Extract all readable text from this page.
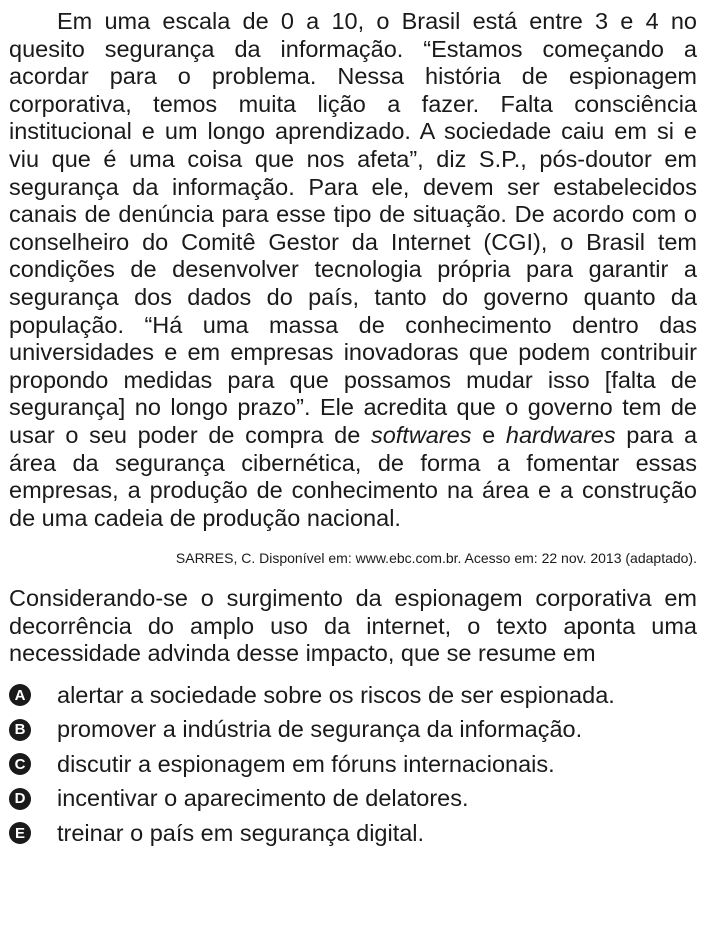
Em uma escala de 0 a 10, o Brasil está entre 3 e 4 no quesito segurança da informação. “Estamos começando a acordar para o problema. Nessa história de espionagem corporativa, temos muita lição a fazer. Falta consciência institucional e um longo aprendizado. A sociedade caiu em si e viu que é uma coisa que nos afeta”, diz S.P., pós-doutor em segurança da informação. Para ele, devem ser estabelecidos canais de denúncia para esse tipo de situação. De acordo com o conselheiro do Comitê Gestor da Internet (CGI), o Brasil tem condições de desenvolver tecnologia própria para garantir a segurança dos dados do país, tanto do governo quanto da população. “Há uma massa de conhecimento dentro das universidades e em empresas inovadoras que podem contribuir propondo medidas para que possamos mudar isso [falta de segurança] no longo prazo”. Ele acredita que o governo tem de usar o seu poder de compra de softwares e hardwares para a área da segurança cibernética, de forma a fomentar essas empresas, a produção de conhecimento na área e a construção de uma cadeia de produção nacional.

SARRES, C. Disponível em: www.ebc.com.br. Acesso em: 22 nov. 2013 (adaptado).

Considerando-se o surgimento da espionagem corporativa em decorrência do amplo uso da internet, o texto aponta uma necessidade advinda desse impacto, que se resume em

A alertar a sociedade sobre os riscos de ser espionada.
B promover a indústria de segurança da informação.
C discutir a espionagem em fóruns internacionais.
D incentivar o aparecimento de delatores.
E treinar o país em segurança digital.
